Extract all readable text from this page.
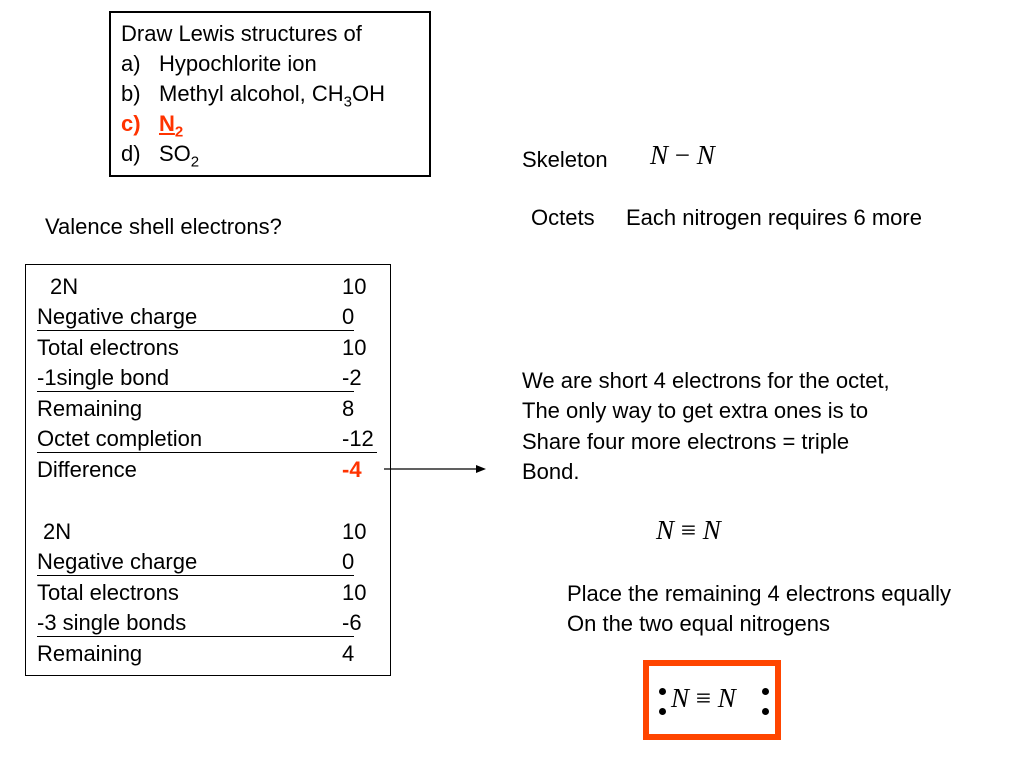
Draw Lewis structures of
a) Hypochlorite ion
b) Methyl alcohol, $CH_3OH$
c) $N_2$
d) $SO_2$
Valence shell electrons?
2N	10
Negative charge	0
Total electrons	10
-1single bond	-2
Remaining	8
Octet completion	-12
Difference	-4
2N	10
Negative charge	0
Total electrons	10
-3 single bonds	-6
Remaining	4
Skeleton N − N
Octets Each nitrogen requires 6 more
We are short 4 electrons for the octet,
The only way to get extra ones is to
Share four more electrons = triple
Bond.
N ≡ N
Place the remaining 4 electrons equally
On the two equal nitrogens
N ≡ N
